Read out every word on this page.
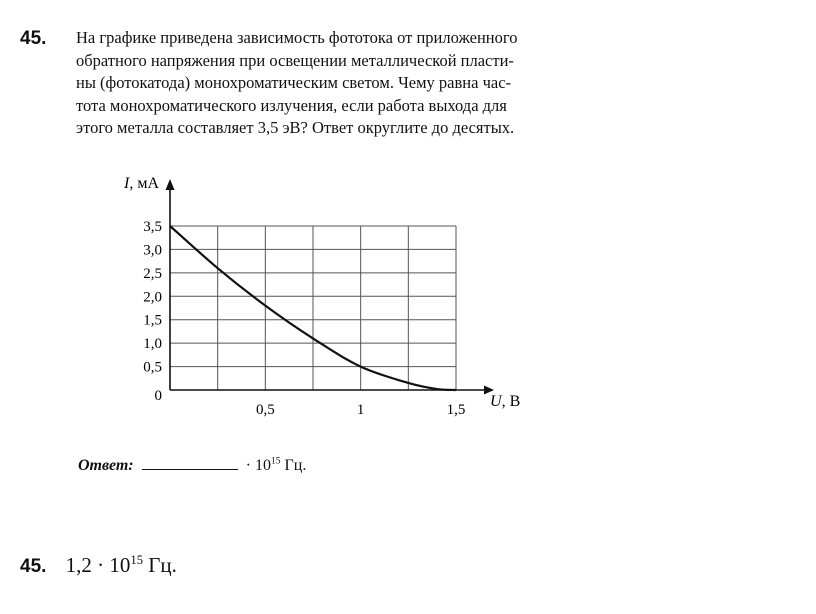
45. На графике приведена зависимость фототока от приложенного
обратного напряжения при освещении металлической пласти-
ны (фотокатода) монохроматическим светом. Чему равна час-
тота монохроматического излучения, если работа выхода для
этого металла составляет 3,5 эВ? Ответ округлите до десятых.
3,5
3,0
2,5
2,0
1,5
1,0
0,5
0
0,5	1	1,5
I, мА
U, В
Ответ:	· $10^{15}$ Гц.
45. $1,2 \cdot 10^{15}$ Гц.
